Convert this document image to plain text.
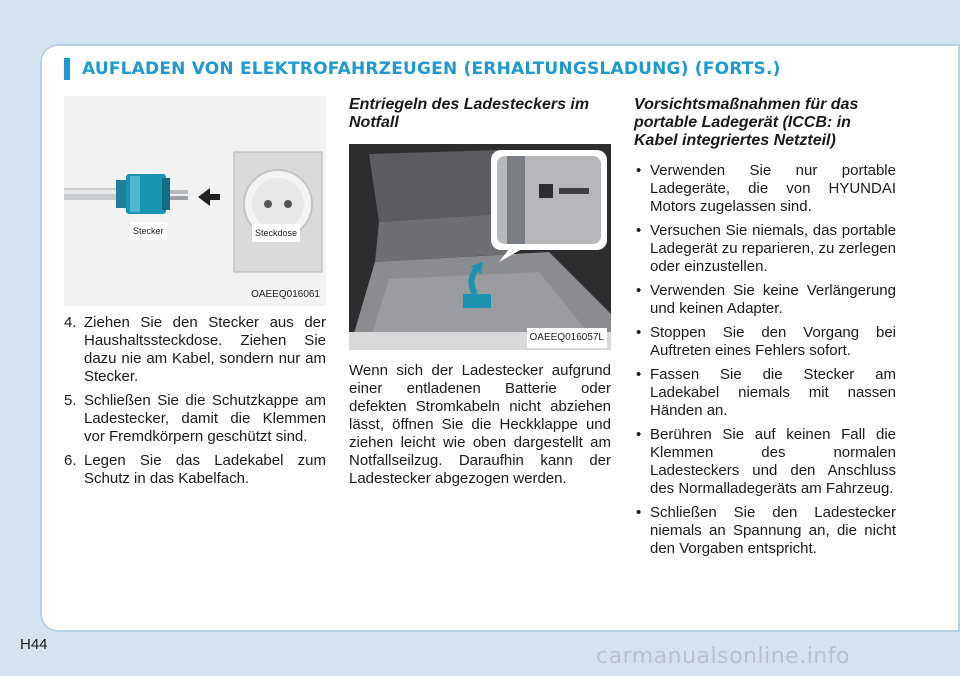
AUFLADEN VON ELEKTROFAHRZEUGEN (ERHALTUNGSLADUNG) (FORTS.)
Stecker	Steckdose
OAEEQ016061
4. Ziehen Sie den Stecker aus der Haushaltssteckdose. Ziehen Sie dazu nie am Kabel, sondern nur am Stecker.
5. Schließen Sie die Schutzkappe am Ladestecker, damit die Klemmen vor Fremdkörpern geschützt sind.
6. Legen Sie das Ladekabel zum Schutz in das Kabelfach.
Entriegeln des Ladesteckers im Notfall
OAEEQ016057L

Wenn sich der Ladestecker aufgrund einer entladenen Batterie oder defekten Stromkabeln nicht abziehen lässt, öffnen Sie die Heckklappe und ziehen leicht wie oben dargestellt am Notfallseilzug. Daraufhin kann der Ladestecker abgezogen werden.

Vorsichtsmaßnahmen für das portable Ladegerät (ICCB: in Kabel integriertes Netzteil)
• Verwenden Sie nur portable Ladegeräte, die von HYUNDAI Motors zugelassen sind.
• Versuchen Sie niemals, das portable Ladegerät zu reparieren, zu zerlegen oder einzustellen.
• Verwenden Sie keine Verlängerung und keinen Adapter.
• Stoppen Sie den Vorgang bei Auftreten eines Fehlers sofort.
• Fassen Sie die Stecker am Ladekabel niemals mit nassen Händen an.
• Berühren Sie auf keinen Fall die Klemmen des normalen Ladesteckers und den Anschluss des Normalladegeräts am Fahrzeug.
• Schließen Sie den Ladestecker niemals an Spannung an, die nicht den Vorgaben entspricht.
H44	carmanualsonline.info
